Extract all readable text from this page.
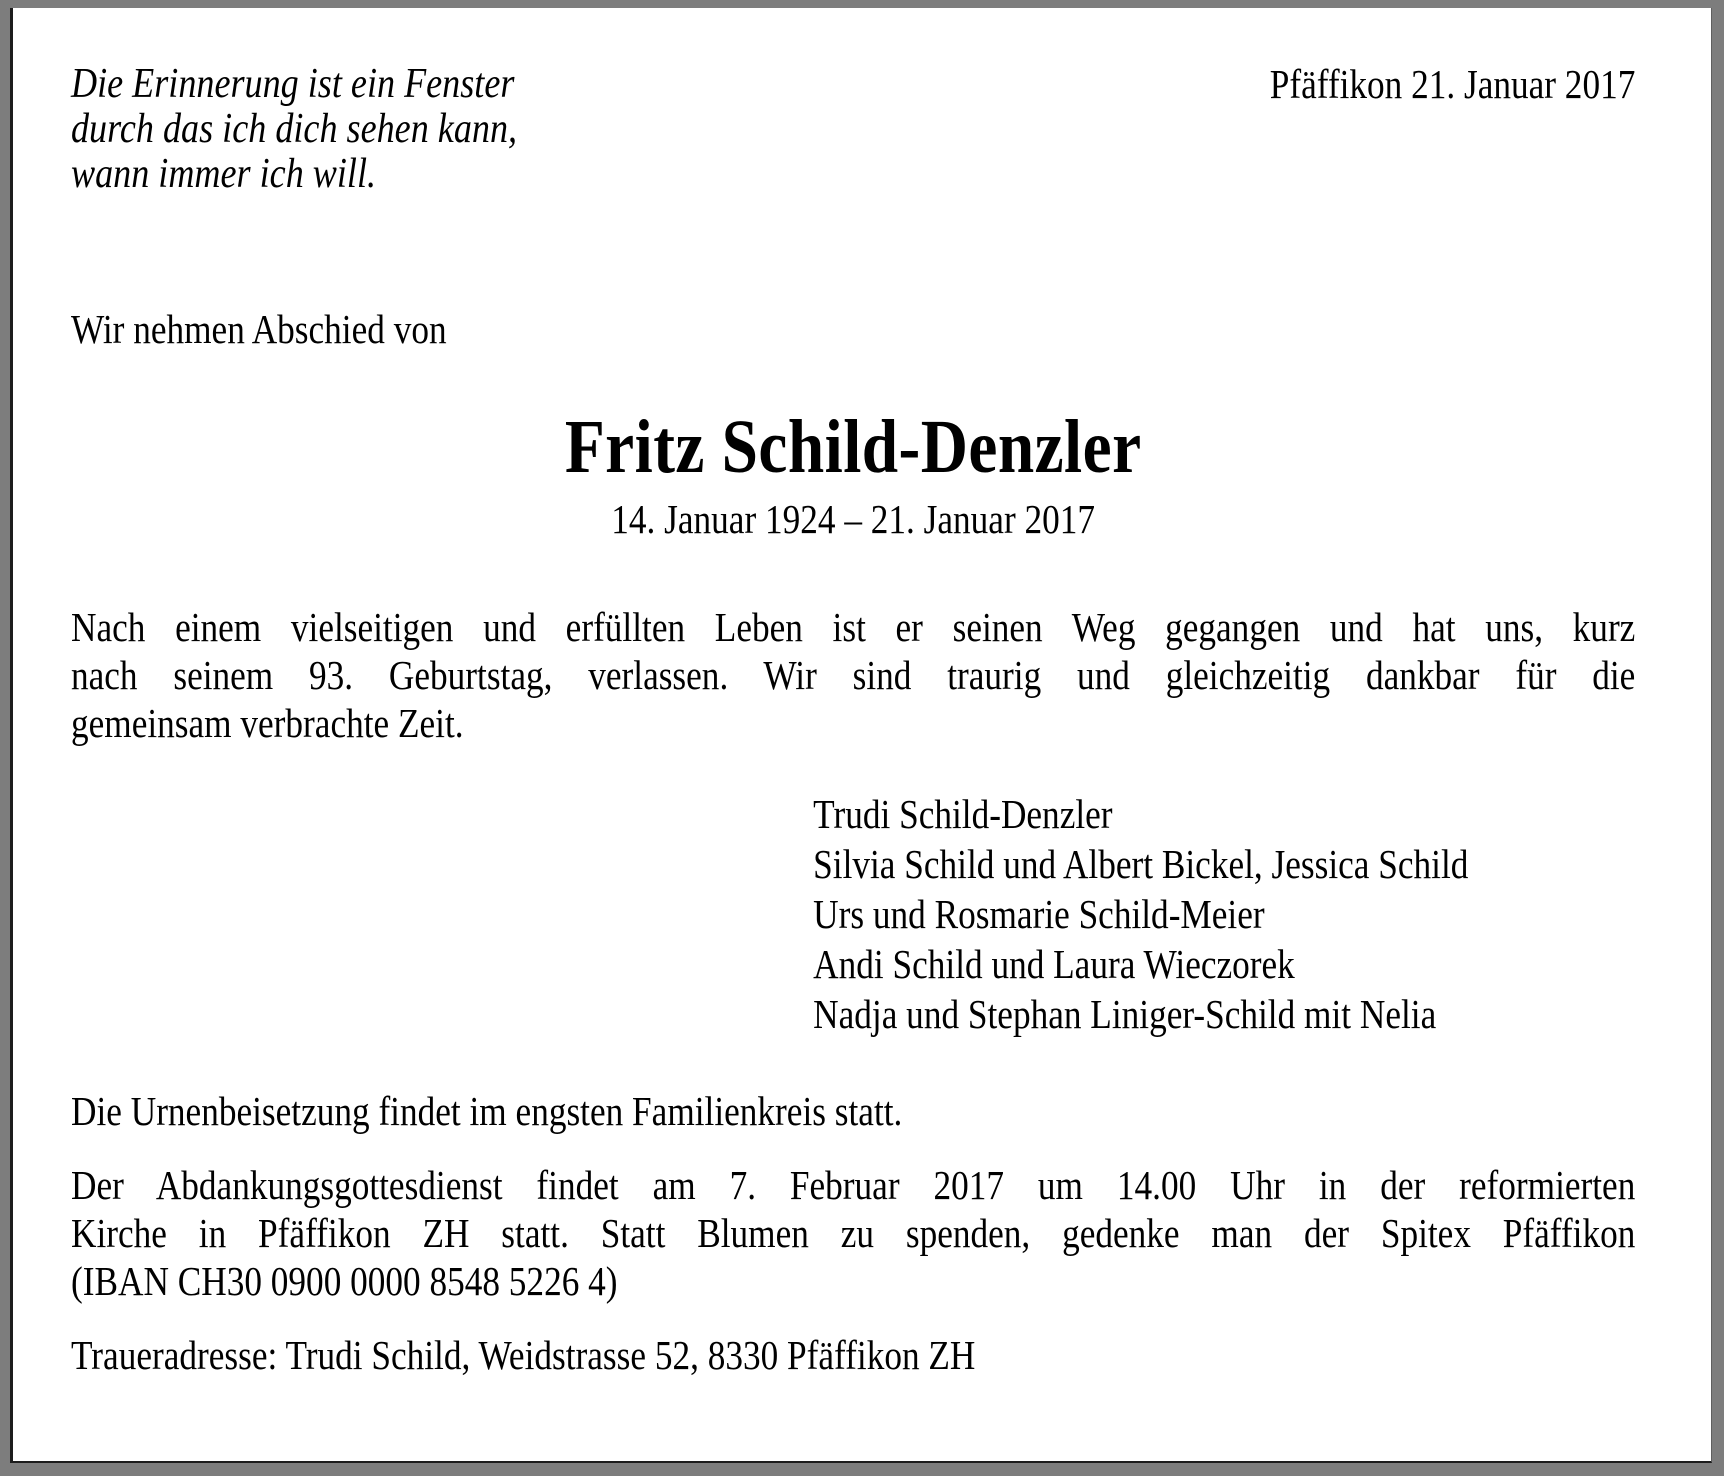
Die Erinnerung ist ein Fenster
durch das ich dich sehen kann,
wann immer ich will.
Pfäffikon 21. Januar 2017
Wir nehmen Abschied von
Fritz Schild-Denzler
14. Januar 1924 – 21. Januar 2017
Nach einem vielseitigen und erfüllten Leben ist er seinen Weg gegangen und hat uns, kurz
nach seinem 93. Geburtstag, verlassen. Wir sind traurig und gleichzeitig dankbar für die
gemeinsam verbrachte Zeit.
Trudi Schild-Denzler
Silvia Schild und Albert Bickel, Jessica Schild
Urs und Rosmarie Schild-Meier
Andi Schild und Laura Wieczorek
Nadja und Stephan Liniger-Schild mit Nelia
Die Urnenbeisetzung findet im engsten Familienkreis statt.
Der Abdankungsgottesdienst findet am 7. Februar 2017 um 14.00 Uhr in der reformierten
Kirche in Pfäffikon ZH statt. Statt Blumen zu spenden, gedenke man der Spitex Pfäffikon
(IBAN CH30 0900 0000 8548 5226 4)
Traueradresse: Trudi Schild, Weidstrasse 52, 8330 Pfäffikon ZH
